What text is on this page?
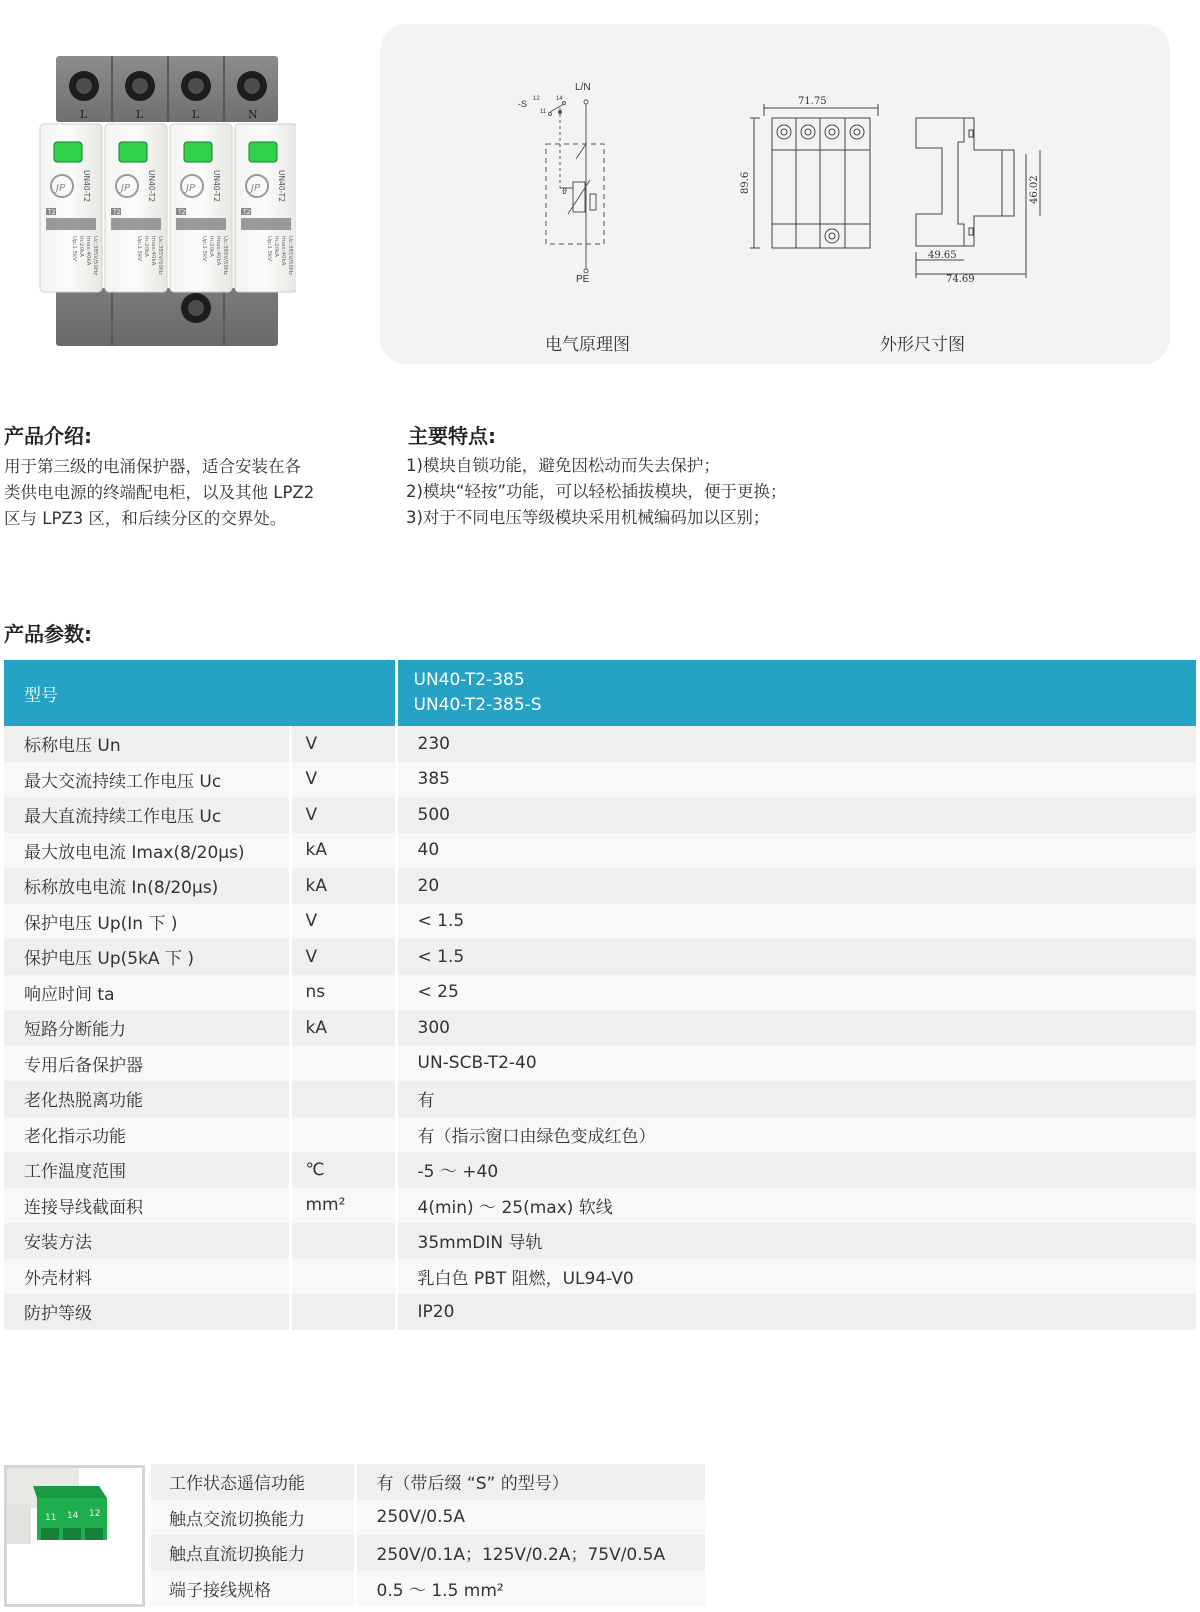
L	L	L	N
JP UN40-T2
Uc:385V/50Hz
Imax:40kA
In:20kA
Up:1.5kV
JP UN40-T2
Uc:385V/50Hz
Imax:40kA
In:20kA
Up:1.5kV
JP UN40-T2
Uc:385V/50Hz
Imax:40kA
In:20kA
Up:1.5kV
JP UN40-T2
Uc:385V/50Hz
Imax:40kA
In:20kA
Up:1.5kV
T2	T2	T2	T2
L/N
-S 12	14
11
PE
ϑ
71.75
89.6
49.65
74.69
46.02
电气原理图	外形尺寸图
产品介绍:

用于第三级的电涌保护器，适合安装在各

类供电电源的终端配电柜，以及其他 LPZ2

区与 LPZ3 区，和后续分区的交界处。

主要特点:
1)模块自锁功能，避免因松动而失去保护；
2)模块“轻按”功能，可以轻松插拔模块，便于更换；
3)对于不同电压等级模块采用机械编码加以区别；
产品参数:
型号		UN40-T2-385
UN40-T2-385-S

标称电压 Un	V	230
最大交流持续工作电压 Uc	V	385
最大直流持续工作电压 Uc	V	500
最大放电电流 Imax(8/20μs)	kA	40
标称放电电流 In(8/20μs)	kA	20
保护电压 Up(In 下 )	V	< 1.5
保护电压 Up(5kA 下 )	V	< 1.5
响应时间 ta	ns	< 25
短路分断能力	kA	300
专用后备保护器		UN-SCB-T2-40
老化热脱离功能		有
老化指示功能		有（指示窗口由绿色变成红色）
工作温度范围	℃	-5 ～ +40
连接导线截面积	mm²	4(min) ～ 25(max) 软线
安装方法		35mmDIN 导轨
外壳材料		乳白色 PBT 阻燃，UL94-V0
防护等级		IP20
11 14 12
工作状态遥信功能	有（带后缀 “S” 的型号）
触点交流切换能力	250V/0.5A
触点直流切换能力	250V/0.1A；125V/0.2A；75V/0.5A
端子接线规格	0.5 ～ 1.5 mm²
